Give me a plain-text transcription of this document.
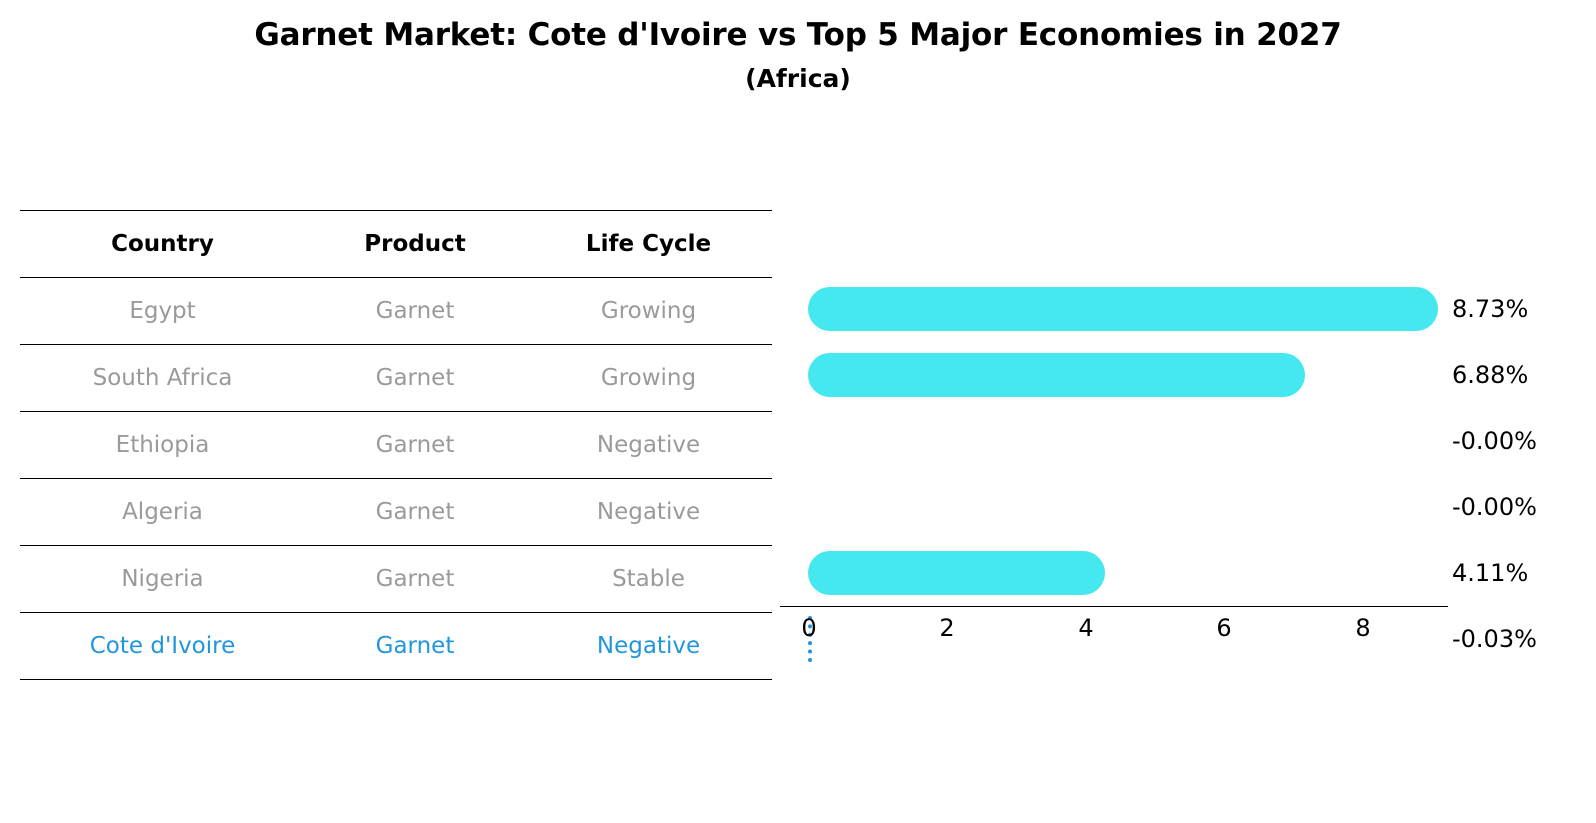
Garnet Market: Cote d'Ivoire vs Top 5 Major Economies in 2027
(Africa)
Country	Product	Life Cycle
Egypt	Garnet	Growing
South Africa	Garnet	Growing
Ethiopia	Garnet	Negative
Algeria	Garnet	Negative
Nigeria	Garnet	Stable
Cote d'Ivoire	Garnet	Negative
8.73%
6.88%
-0.00%
-0.00%
4.11%
-0.03%
0	2	4	6	8
